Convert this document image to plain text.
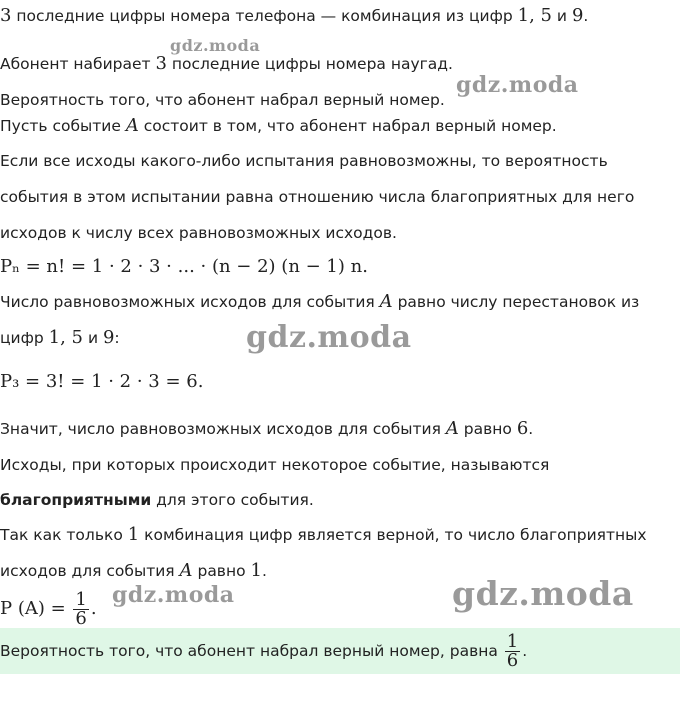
3 последние цифры номера телефона — комбинация из цифр 1, 5 и 9.
Абонент набирает 3 последние цифры номера наугад.
Вероятность того, что абонент набрал верный номер.
Пусть событие A состоит в том, что абонент набрал верный номер.
Если все исходы какого-либо испытания равновозможны, то вероятность
события в этом испытании равна отношению числа благоприятных для него
исходов к числу всех равновозможных исходов.
Pₙ = n! = 1 · 2 · 3 · ... · (n − 2) (n − 1) n.
Число равновозможных исходов для события A равно числу перестановок из
цифр 1, 5 и 9:
P₃ = 3! = 1 · 2 · 3 = 6.
Значит, число равновозможных исходов для события A равно 6.
Исходы, при которых происходит некоторое событие, называются
благоприятными для этого события.
Так как только 1 комбинация цифр является верной, то число благоприятных
исходов для события A равно 1.
P $(A) = \frac{1}{6}$ .
Вероятность того, что абонент набрал верный номер, равна $\frac{1}{6}$ .
gdz.moda
gdz.moda
gdz.moda
gdz.moda	gdz.moda
